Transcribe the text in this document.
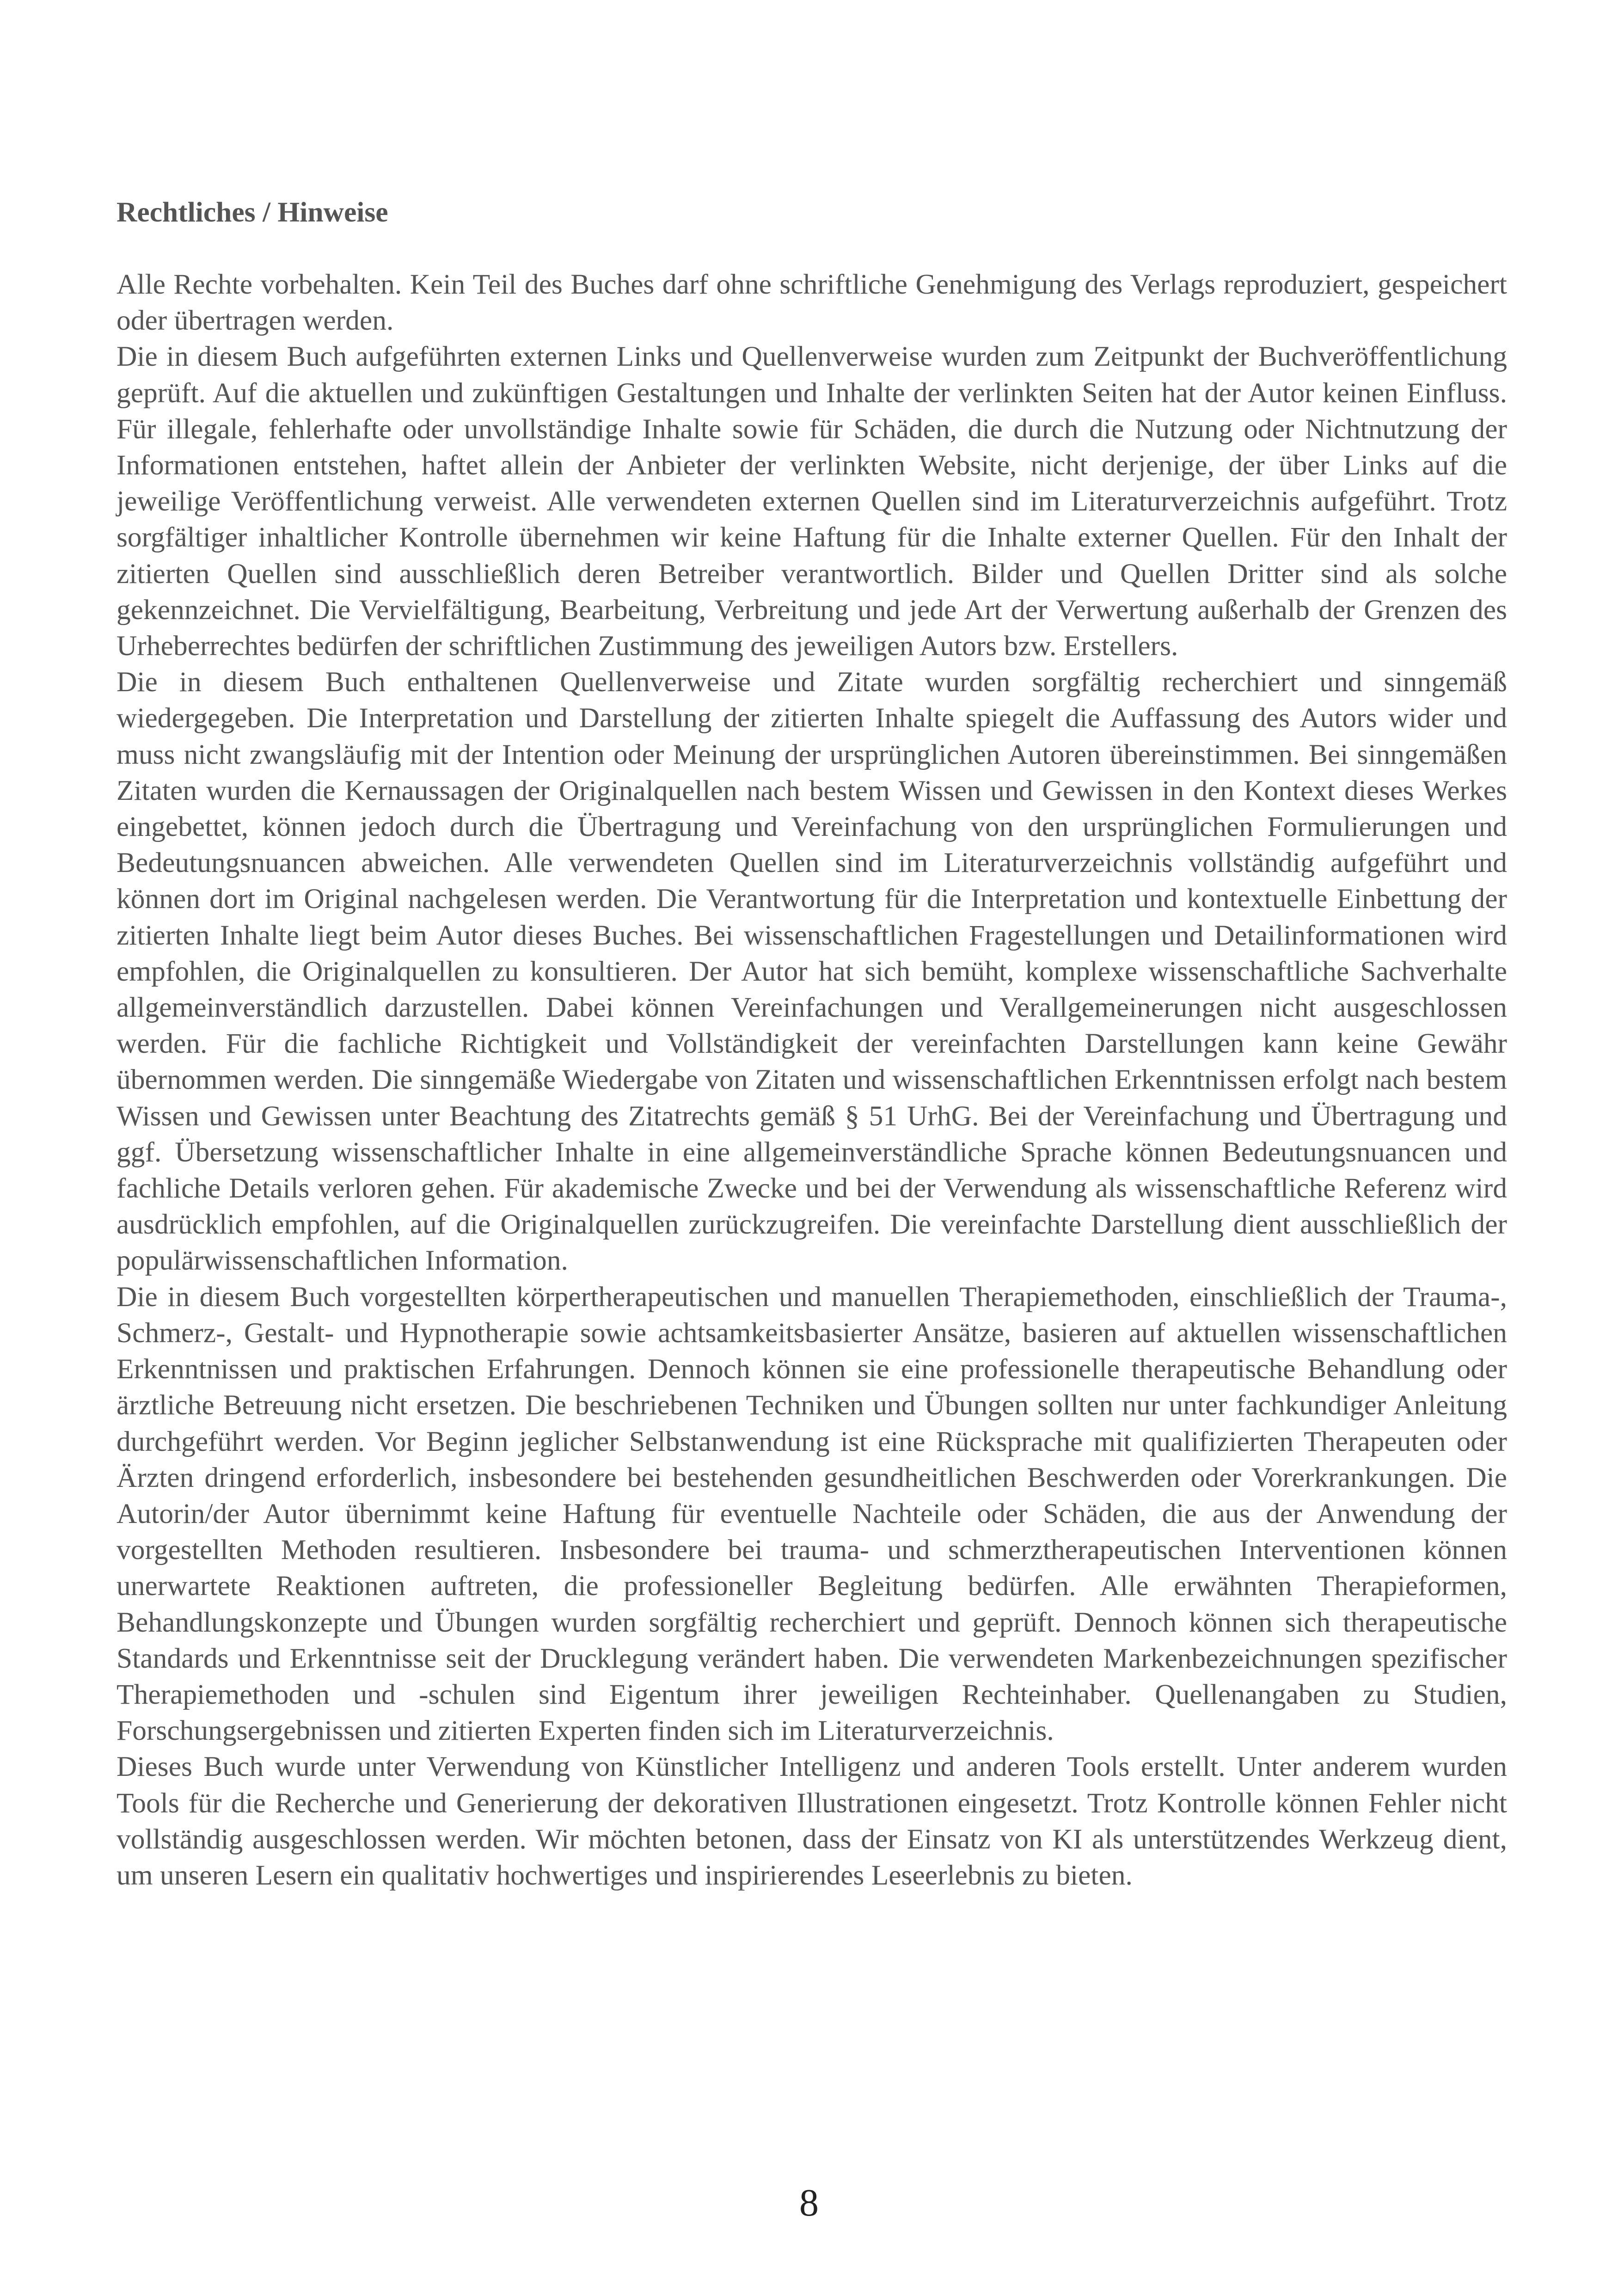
Rechtliches / Hinweise

Alle Rechte vorbehalten. Kein Teil des Buches darf ohne schriftliche Genehmigung des Verlags reproduziert, gespeichert oder übertragen werden.

Die in diesem Buch aufgeführten externen Links und Quellenverweise wurden zum Zeitpunkt der Buchveröffentlichung geprüft. Auf die aktuellen und zukünftigen Gestaltungen und Inhalte der verlinkten Seiten hat der Autor keinen Einfluss. Für illegale, fehlerhafte oder unvollständige Inhalte sowie für Schäden, die durch die Nutzung oder Nichtnutzung der Informationen entstehen, haftet allein der Anbieter der verlinkten Website, nicht derjenige, der über Links auf die jeweilige Veröffentlichung verweist. Alle verwendeten externen Quellen sind im Literaturverzeichnis aufgeführt. Trotz sorgfältiger inhaltlicher Kontrolle übernehmen wir keine Haftung für die Inhalte externer Quellen. Für den Inhalt der zitierten Quellen sind ausschließlich deren Betreiber verantwortlich. Bilder und Quellen Dritter sind als solche gekennzeichnet. Die Vervielfältigung, Bearbeitung, Verbreitung und jede Art der Verwertung außerhalb der Grenzen des Urheberrechtes bedürfen der schriftlichen Zustimmung des jeweiligen Autors bzw. Erstellers.

Die in diesem Buch enthaltenen Quellenverweise und Zitate wurden sorgfältig recherchiert und sinngemäß wiedergegeben. Die Interpretation und Darstellung der zitierten Inhalte spiegelt die Auffassung des Autors wider und muss nicht zwangsläufig mit der Intention oder Meinung der ursprünglichen Autoren übereinstimmen. Bei sinngemäßen Zitaten wurden die Kernaussagen der Originalquellen nach bestem Wissen und Gewissen in den Kontext dieses Werkes eingebettet, können jedoch durch die Übertragung und Vereinfachung von den ursprünglichen Formulierungen und Bedeutungsnuancen abweichen. Alle verwendeten Quellen sind im Literaturverzeichnis vollständig aufgeführt und können dort im Original nachgelesen werden. Die Verantwortung für die Interpretation und kontextuelle Einbettung der zitierten Inhalte liegt beim Autor dieses Buches. Bei wissenschaftlichen Fragestellungen und Detailinformationen wird empfohlen, die Originalquellen zu konsultieren. Der Autor hat sich bemüht, komplexe wissenschaftliche Sachverhalte allgemeinverständlich darzustellen. Dabei können Vereinfachungen und Verallgemeinerungen nicht ausgeschlossen werden. Für die fachliche Richtigkeit und Vollständigkeit der vereinfachten Darstellungen kann keine Gewähr übernommen werden. Die sinngemäße Wiedergabe von Zitaten und wissenschaftlichen Erkenntnissen erfolgt nach bestem Wissen und Gewissen unter Beachtung des Zitatrechts gemäß § 51 UrhG. Bei der Vereinfachung und Übertragung und ggf. Übersetzung wissenschaftlicher Inhalte in eine allgemeinverständliche Sprache können Bedeutungsnuancen und fachliche Details verloren gehen. Für akademische Zwecke und bei der Verwendung als wissenschaftliche Referenz wird ausdrücklich empfohlen, auf die Originalquellen zurückzugreifen. Die vereinfachte Darstellung dient ausschließlich der populärwissenschaftlichen Information.

Die in diesem Buch vorgestellten körpertherapeutischen und manuellen Therapiemethoden, einschließlich der Trauma-, Schmerz-, Gestalt- und Hypnotherapie sowie achtsamkeitsbasierter Ansätze, basieren auf aktuellen wissenschaftlichen Erkenntnissen und praktischen Erfahrungen. Dennoch können sie eine professionelle therapeutische Behandlung oder ärztliche Betreuung nicht ersetzen. Die beschriebenen Techniken und Übungen sollten nur unter fachkundiger Anleitung durchgeführt werden. Vor Beginn jeglicher Selbstanwendung ist eine Rücksprache mit qualifizierten Therapeuten oder Ärzten dringend erforderlich, insbesondere bei bestehenden gesundheitlichen Beschwerden oder Vorerkrankungen. Die Autorin/der Autor übernimmt keine Haftung für eventuelle Nachteile oder Schäden, die aus der Anwendung der vorgestellten Methoden resultieren. Insbesondere bei trauma- und schmerztherapeutischen Interventionen können unerwartete Reaktionen auftreten, die professioneller Begleitung bedürfen. Alle erwähnten Therapieformen, Behandlungskonzepte und Übungen wurden sorgfältig recherchiert und geprüft. Dennoch können sich therapeutische Standards und Erkenntnisse seit der Drucklegung verändert haben. Die verwendeten Markenbezeichnungen spezifischer Therapiemethoden und -schulen sind Eigentum ihrer jeweiligen Rechteinhaber. Quellenangaben zu Studien, Forschungsergebnissen und zitierten Experten finden sich im Literaturverzeichnis.

Dieses Buch wurde unter Verwendung von Künstlicher Intelligenz und anderen Tools erstellt. Unter anderem wurden Tools für die Recherche und Generierung der dekorativen Illustrationen eingesetzt. Trotz Kontrolle können Fehler nicht vollständig ausgeschlossen werden. Wir möchten betonen, dass der Einsatz von KI als unterstützendes Werkzeug dient, um unseren Lesern ein qualitativ hochwertiges und inspirierendes Leseerlebnis zu bieten.

8
